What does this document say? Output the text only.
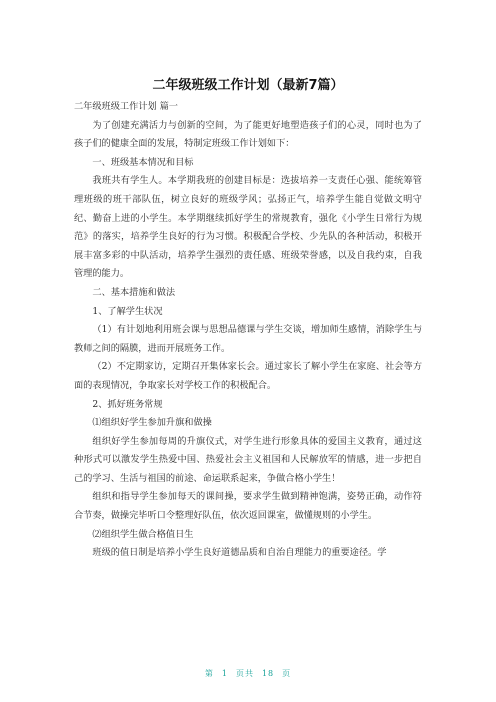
二年级班级工作计划（最新7篇）

二年级班级工作计划 篇一

为了创建充满活力与创新的空间，为了能更好地塑造孩子们的心灵，同时也为了孩子们的健康全面的发展，特制定班级工作计划如下：

一、班级基本情况和目标

我班共有学生人。本学期我班的创建目标是：选拔培养一支责任心强、能统筹管理班级的班干部队伍，树立良好的班级学风；弘扬正气，培养学生能自觉做文明守纪、勤奋上进的小学生。本学期继续抓好学生的常规教育，强化《小学生日常行为规范》的落实，培养学生良好的行为习惯。积极配合学校、少先队的各种活动，积极开展丰富多彩的中队活动，培养学生强烈的责任感、班级荣誉感，以及自我约束，自我管理的能力。

二、基本措施和做法

1、了解学生状况

（1）有计划地利用班会课与思想品德课与学生交谈，增加师生感情，消除学生与教师之间的隔膜，进而开展班务工作。

（2）不定期家访，定期召开集体家长会。通过家长了解小学生在家庭、社会等方面的表现情况，争取家长对学校工作的积极配合。

2、抓好班务常规

⑴组织好学生参加升旗和做操

组织好学生参加每周的升旗仪式，对学生进行形象具体的爱国主义教育，通过这种形式可以激发学生热爱中国、热爱社会主义祖国和人民解放军的情感，进一步把自己的学习、生活与祖国的前途、命运联系起来，争做合格小学生！

组织和指导学生参加每天的课间操，要求学生做到精神饱满，姿势正确，动作符合节奏，做操完毕听口令整理好队伍，依次返回课室，做懂规则的小学生。

⑵组织学生做合格值日生

班级的值日制是培养小学生良好道德品质和自治自理能力的重要途径。学

第 1 页共 18 页
